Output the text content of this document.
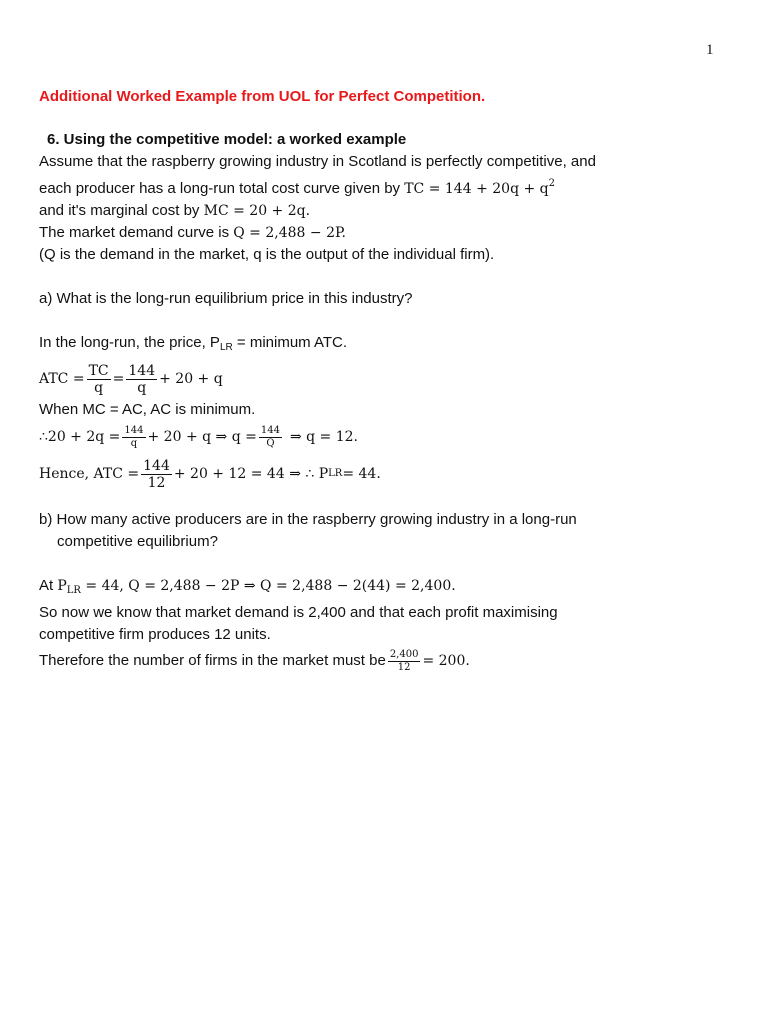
1
Additional Worked Example from UOL for Perfect Competition.
6. Using the competitive model: a worked example
Assume that the raspberry growing industry in Scotland is perfectly competitive, and
each producer has a long-run total cost curve given by TC = $144 + 20q + q^2$
and it's marginal cost by MC = 20 + 2q.
The market demand curve is Q = 2,488 − 2P.
(Q is the demand in the market, q is the output of the individual firm).
a) What is the long-run equilibrium price in this industry?
In the long-run, the price, $P_{LR}$ = minimum ATC.
ATC = $\frac{TC}{q} = \frac{144}{q} + 20 + q$
When MC = AC, AC is minimum.
∴20 + $2q = \frac{144}{q} + 20 + q$ ⇒ $q = \frac{144}{Q}$ ⇒ q = 12.
Hence, ATC = $\frac{144}{12} + 20 + 12 = 44$ ⇒ ∴ P LR = 44.
b) How many active producers are in the raspberry growing industry in a long-run
competitive equilibrium?
At $P_{LR} = 44$, Q = 2,488 − 2P ⇒ Q = 2,488 − 2(44) = 2,400.
So now we know that market demand is 2,400 and that each profit maximising
competitive firm produces 12 units.
Therefore the number of firms in the market must be $\frac{2,400}{12} = 200$.
